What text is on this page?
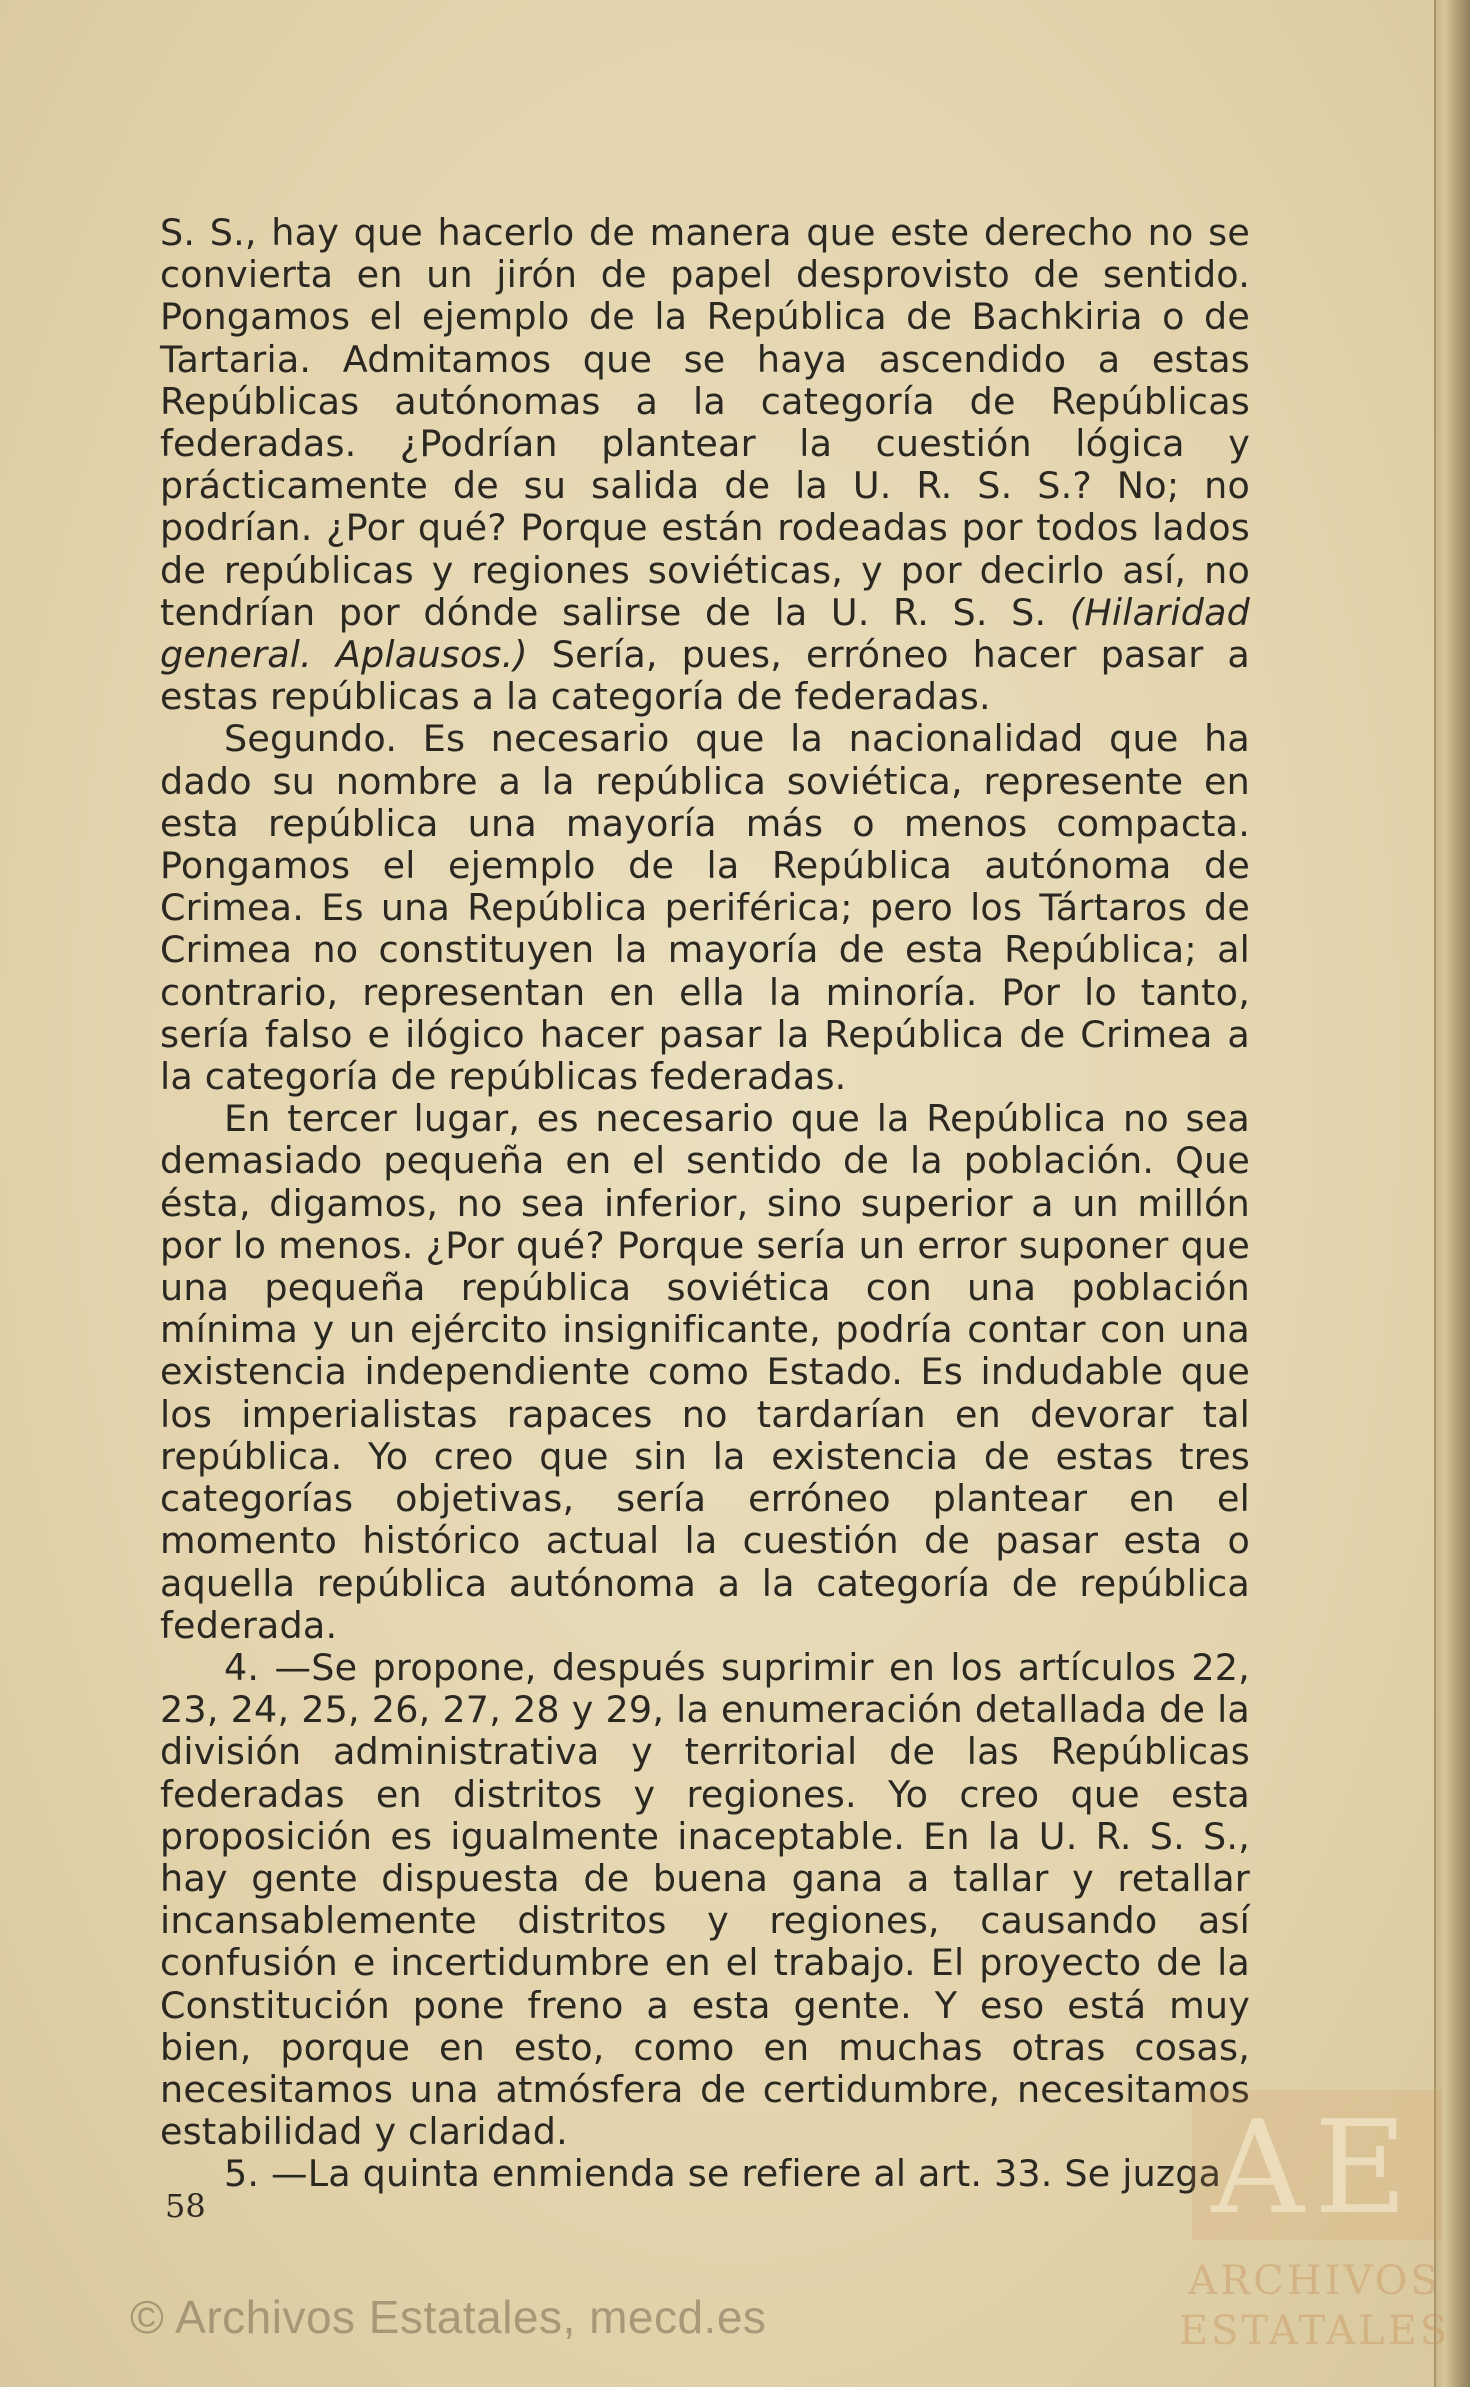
S. S., hay que hacerlo de manera que este derecho no se convierta en un jirón de papel desprovisto de sentido. Pongamos el ejemplo de la República de Bachkiria o de Tartaria. Admitamos que se haya ascendido a estas Repúblicas autónomas a la categoría de Repúblicas federadas. ¿Podrían plantear la cuestión lógica y prácticamente de su salida de la U. R. S. S.? No; no podrían. ¿Por qué? Porque están rodeadas por todos lados de repúblicas y regiones soviéticas, y por decirlo así, no tendrían por dónde salirse de la U. R. S. S. (Hilaridad general. Aplausos.) Sería, pues, erróneo hacer pasar a estas repúblicas a la categoría de federadas.

Segundo. Es necesario que la nacionalidad que ha dado su nombre a la república soviética, represente en esta república una mayoría más o menos compacta. Pongamos el ejemplo de la República autónoma de Crimea. Es una República periférica; pero los Tártaros de Crimea no constituyen la mayoría de esta República; al contrario, representan en ella la minoría. Por lo tanto, sería falso e ilógico hacer pasar la República de Crimea a la categoría de repúblicas federadas.

En tercer lugar, es necesario que la República no sea demasiado pequeña en el sentido de la población. Que ésta, digamos, no sea inferior, sino superior a un millón por lo menos. ¿Por qué? Porque sería un error suponer que una pequeña república soviética con una población mínima y un ejército insignificante, podría contar con una existencia independiente como Estado. Es indudable que los imperialistas rapaces no tardarían en devorar tal república. Yo creo que sin la existencia de estas tres categorías objetivas, sería erróneo plantear en el momento histórico actual la cuestión de pasar esta o aquella república autónoma a la categoría de república federada.

4. —Se propone, después suprimir en los artículos 22, 23, 24, 25, 26, 27, 28 y 29, la enumeración detallada de la división administrativa y territorial de las Repúblicas federadas en distritos y regiones. Yo creo que esta proposición es igualmente inaceptable. En la U. R. S. S., hay gente dispuesta de buena gana a tallar y retallar incansablemente distritos y regiones, causando así confusión e incertidumbre en el trabajo. El proyecto de la Constitución pone freno a esta gente. Y eso está muy bien, porque en esto, como en muchas otras cosas, necesitamos una atmósfera de certidumbre, necesitamos estabilidad y claridad.

5. —La quinta enmienda se refiere al art. 33. Se juzga

58
© Archivos Estatales, mecd.es
AE
ARCHIVOS
ESTATALES
